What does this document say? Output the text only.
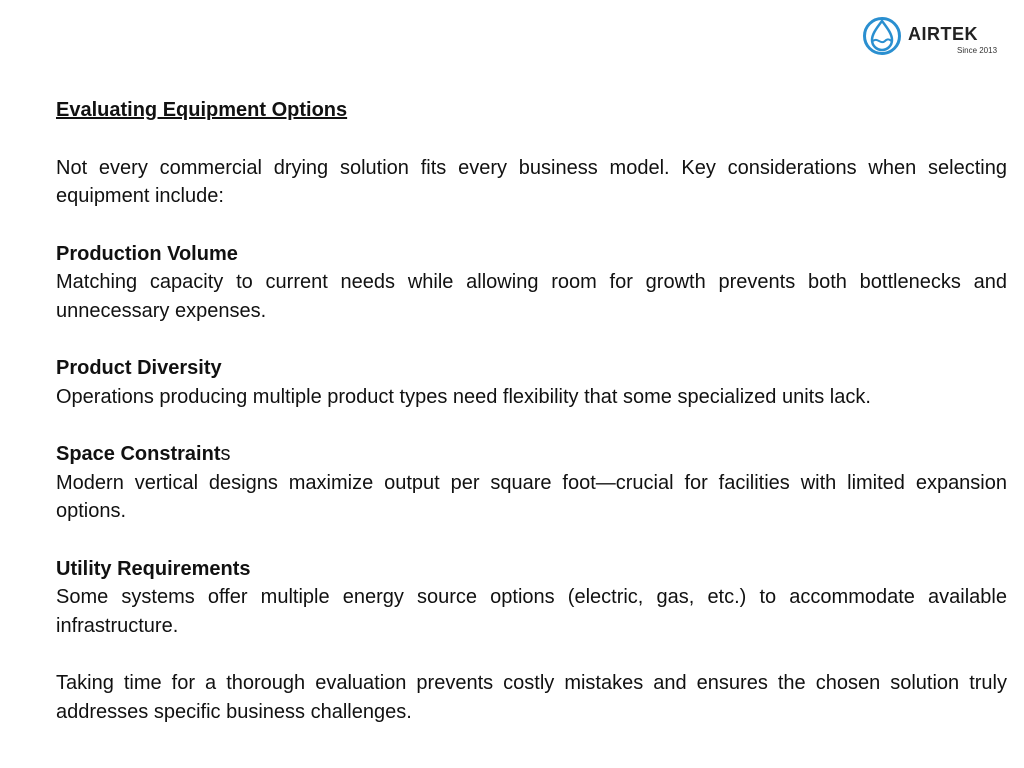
AIRTEK
Since 2013

Evaluating Equipment Options

Not every commercial drying solution fits every business model. Key considerations when selecting equipment include:

Production Volume

Matching capacity to current needs while allowing room for growth prevents both bottlenecks and unnecessary expenses.

Product Diversity

Operations producing multiple product types need flexibility that some specialized units lack.

Space Constraints

Modern vertical designs maximize output per square foot—crucial for facilities with limited expansion options.

Utility Requirements

Some systems offer multiple energy source options (electric, gas, etc.) to accommodate available infrastructure.

Taking time for a thorough evaluation prevents costly mistakes and ensures the chosen solution truly addresses specific business challenges.
